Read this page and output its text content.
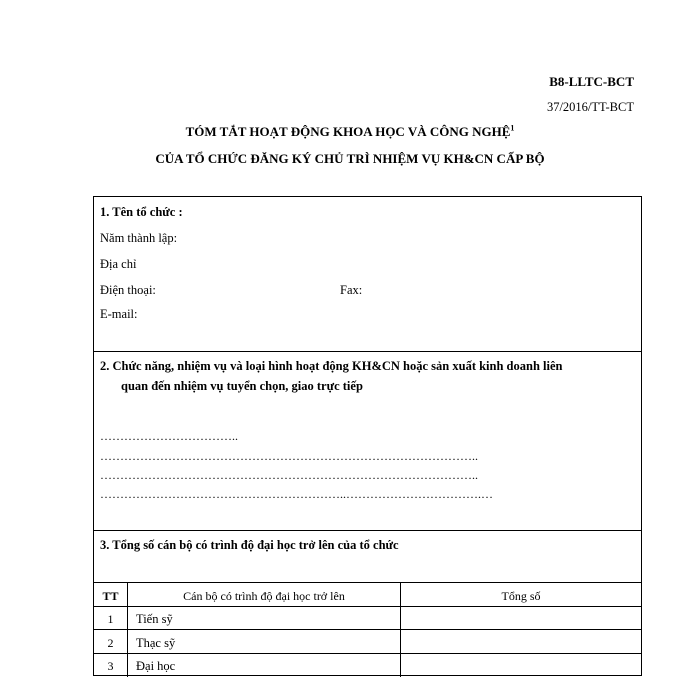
B8-LLTC-BCT
37/2016/TT-BCT
TÓM TẮT HOẠT ĐỘNG KHOA HỌC VÀ CÔNG NGHỆ$^1$
CỦA TỔ CHỨC ĐĂNG KÝ CHỦ TRÌ NHIỆM VỤ KH&CN CẤP BỘ
1. Tên tổ chức :
Năm thành lập:
Địa chỉ
Điện thoại:	Fax:
E-mail:
2. Chức năng, nhiệm vụ và loại hình hoạt động KH&CN hoặc sản xuất kinh doanh liên
quan đến nhiệm vụ tuyển chọn, giao trực tiếp
……………………………..
…………………………………………………………………………………..
…………………………………………………………………………………..
……………………………………………………..…………………………….…
3. Tổng số cán bộ có trình độ đại học trở lên của tổ chức
TT	Cán bộ có trình độ đại học trở lên	Tổng số
1	Tiến sỹ
2	Thạc sỹ
3	Đại học
